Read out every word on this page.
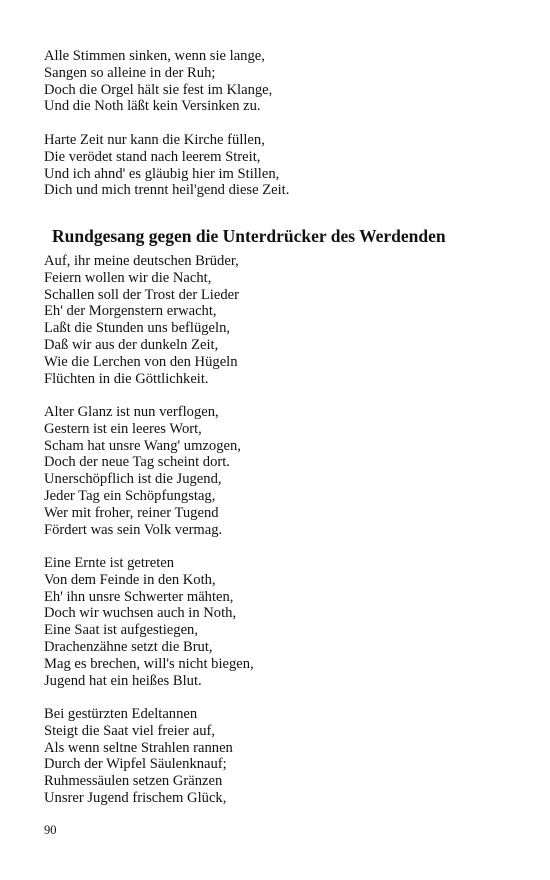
Alle Stimmen sinken, wenn sie lange,
Sangen so alleine in der Ruh;
Doch die Orgel hält sie fest im Klange,
Und die Noth läßt kein Versinken zu.
Harte Zeit nur kann die Kirche füllen,
Die verödet stand nach leerem Streit,
Und ich ahnd' es gläubig hier im Stillen,
Dich und mich trennt heil'gend diese Zeit.
Rundgesang gegen die Unterdrücker des Werdenden
Auf, ihr meine deutschen Brüder,
Feiern wollen wir die Nacht,
Schallen soll der Trost der Lieder
Eh' der Morgenstern erwacht,
Laßt die Stunden uns beflügeln,
Daß wir aus der dunkeln Zeit,
Wie die Lerchen von den Hügeln
Flüchten in die Göttlichkeit.
Alter Glanz ist nun verflogen,
Gestern ist ein leeres Wort,
Scham hat unsre Wang' umzogen,
Doch der neue Tag scheint dort.
Unerschöpflich ist die Jugend,
Jeder Tag ein Schöpfungstag,
Wer mit froher, reiner Tugend
Fördert was sein Volk vermag.
Eine Ernte ist getreten
Von dem Feinde in den Koth,
Eh' ihn unsre Schwerter mähten,
Doch wir wuchsen auch in Noth,
Eine Saat ist aufgestiegen,
Drachenzähne setzt die Brut,
Mag es brechen, will's nicht biegen,
Jugend hat ein heißes Blut.
Bei gestürzten Edeltannen
Steigt die Saat viel freier auf,
Als wenn seltne Strahlen rannen
Durch der Wipfel Säulenknauf;
Ruhmessäulen setzen Gränzen
Unsrer Jugend frischem Glück,
90
